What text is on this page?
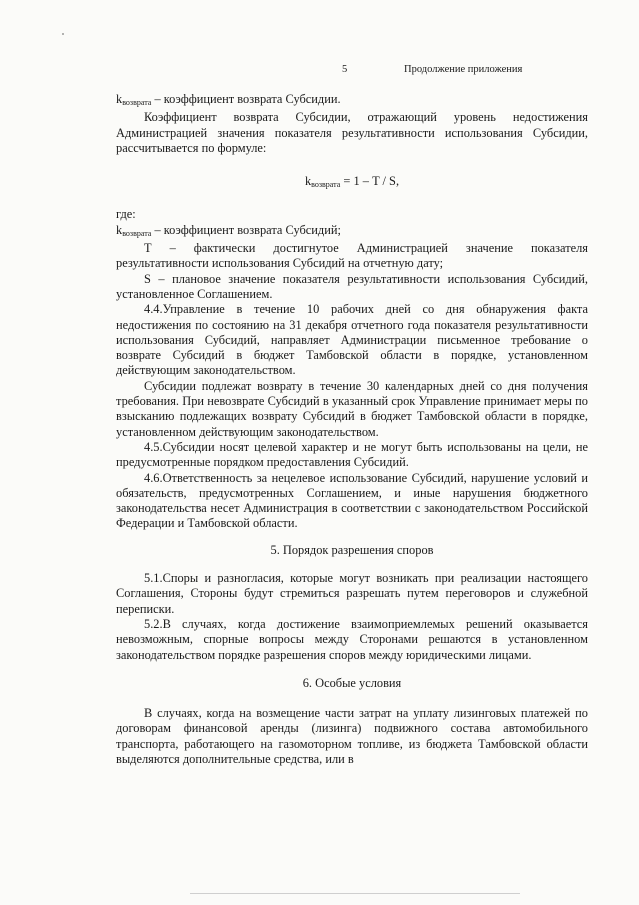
5	Продолжение приложения

$k_{возврата}$ – коэффициент возврата Субсидии.

Коэффициент возврата Субсидии, отражающий уровень недостижения Администрацией значения показателя результативности использования Субсидии, рассчитывается по формуле:

$k_{возврата} = 1 - T / S$,

где:

$k_{возврата}$ – коэффициент возврата Субсидий;

Т – фактически достигнутое Администрацией значение показателя результативности использования Субсидий на отчетную дату;

S – плановое значение показателя результативности использования Субсидий, установленное Соглашением.

4.4.Управление в течение 10 рабочих дней со дня обнаружения факта недостижения по состоянию на 31 декабря отчетного года показателя результативности использования Субсидий, направляет Администрации письменное требование о возврате Субсидий в бюджет Тамбовской области в порядке, установленном действующим законодательством.

Субсидии подлежат возврату в течение 30 календарных дней со дня получения требования. При невозврате Субсидий в указанный срок Управление принимает меры по взысканию подлежащих возврату Субсидий в бюджет Тамбовской области в порядке, установленном действующим законодательством.

4.5.Субсидии носят целевой характер и не могут быть использованы на цели, не предусмотренные порядком предоставления Субсидий.

4.6.Ответственность за нецелевое использование Субсидий, нарушение условий и обязательств, предусмотренных Соглашением, и иные нарушения бюджетного законодательства несет Администрация в соответствии с законодательством Российской Федерации и Тамбовской области.

5. Порядок разрешения споров

5.1.Споры и разногласия, которые могут возникать при реализации настоящего Соглашения, Стороны будут стремиться разрешать путем переговоров и служебной переписки.

5.2.В случаях, когда достижение взаимоприемлемых решений оказывается невозможным, спорные вопросы между Сторонами решаются в установленном законодательством порядке разрешения споров между юридическими лицами.

6. Особые условия

В случаях, когда на возмещение части затрат на уплату лизинговых платежей по договорам финансовой аренды (лизинга) подвижного состава автомобильного транспорта, работающего на газомоторном топливе, из бюджета Тамбовской области выделяются дополнительные средства, или в
